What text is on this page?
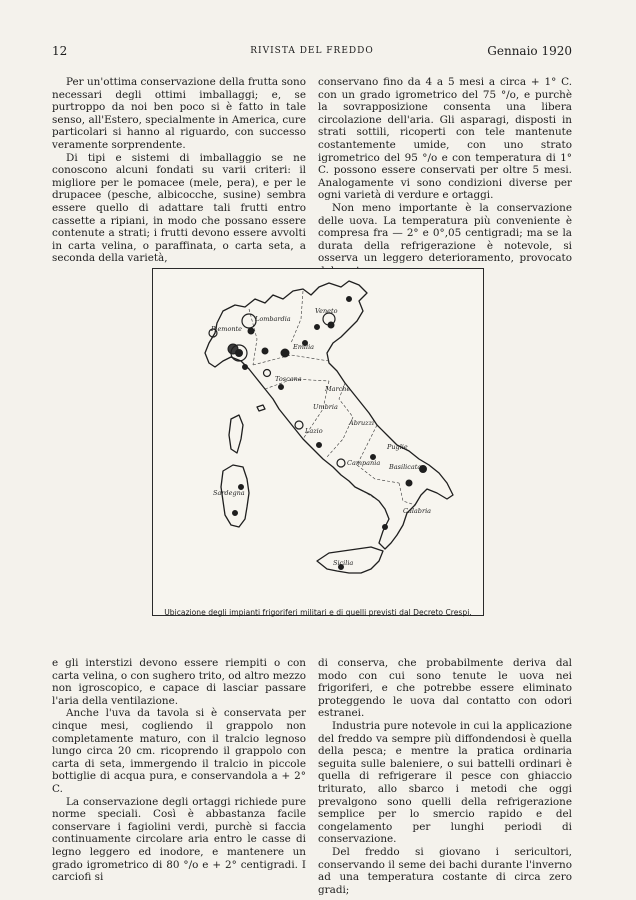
12	RIVISTA DEL FREDDO	Gennaio 1920

Per un'ottima conservazione della frutta sono necessari degli ottimi imballaggi; e, se purtroppo da noi ben poco si è fatto in tale senso, all'Estero, specialmente in America, cure particolari si hanno al riguardo, con successo veramente sorprendente.

Di tipi e sistemi di imballaggio se ne conoscono alcuni fondati su varii criteri: il migliore per le pomacee (mele, pera), e per le drupacee (pesche, albicocche, susine) sembra essere quello di adattare tali frutti entro cassette a ripiani, in modo che possano essere contenute a strati; i frutti devono essere avvolti in carta velina, o paraffinata, o carta seta, a seconda della varietà,

conservano fino da 4 a 5 mesi a circa + 1° C. con un grado igrometrico del 75 °/o, e purchè la sovrapposizione consenta una libera circolazione dell'aria. Gli asparagi, disposti in strati sottili, ricoperti con tele mantenute costantemente umide, con uno strato igrometrico del 95 °/o e con temperatura di 1° C. possono essere conservati per oltre 5 mesi. Analogamente vi sono condizioni diverse per ogni varietà di verdure e ortaggi.

Non meno importante è la conservazione delle uova. La temperatura più conveniente è compresa fra — 2° e 0°,05 centigradi; ma se la durata della refrigerazione è notevole, si osserva un leggero deterioramento, provocato

Piemonte
Lombardia
Veneto
Emilia
Toscana
Marche
Umbria
Abruzzi
Lazio
Campania
Puglie
Basilicata
Calabria
Sicilia
Sardegna
Ubicazione degli impianti frigoriferi militari e di quelli previsti dal Decreto Crespi.

e gli interstizi devono essere riempiti o con carta velina, o con sughero trito, od altro mezzo non igroscopico, e capace di lasciar passare l'aria della ventilazione.

Anche l'uva da tavola si è conservata per cinque mesi, cogliendo il grappolo non completamente maturo, con il tralcio legnoso lungo circa 20 cm. ricoprendo il grappolo con carta di seta, immergendo il tralcio in piccole bottiglie di acqua pura, e conservandola a + 2° C.

La conservazione degli ortaggi richiede pure norme speciali. Così è abbastanza facile conservare i fagiolini verdi, purchè si faccia continuamente circolare aria entro le casse di legno leggero ed inodore, e mantenere un grado igrometrico di 80 °/o e + 2° centigradi. I carciofi si

di conserva, che probabilmente deriva dal modo con cui sono tenute le uova nei frigoriferi, e che potrebbe essere eliminato proteggendo le uova dal contatto con odori estranei.

Industria pure notevole in cui la applicazione del freddo va sempre più diffondendosi è quella della pesca; e mentre la pratica ordinaria seguita sulle baleniere, o sui battelli ordinari è quella di refrigerare il pesce con ghiaccio triturato, allo sbarco i metodi che oggi prevalgono sono quelli della refrigerazione semplice per lo smercio rapido e del congelamento per lunghi periodi di conservazione.

Del freddo si giovano i sericultori, conservando il seme dei bachi durante l'inverno ad una temperatura costante di circa zero gradi;
